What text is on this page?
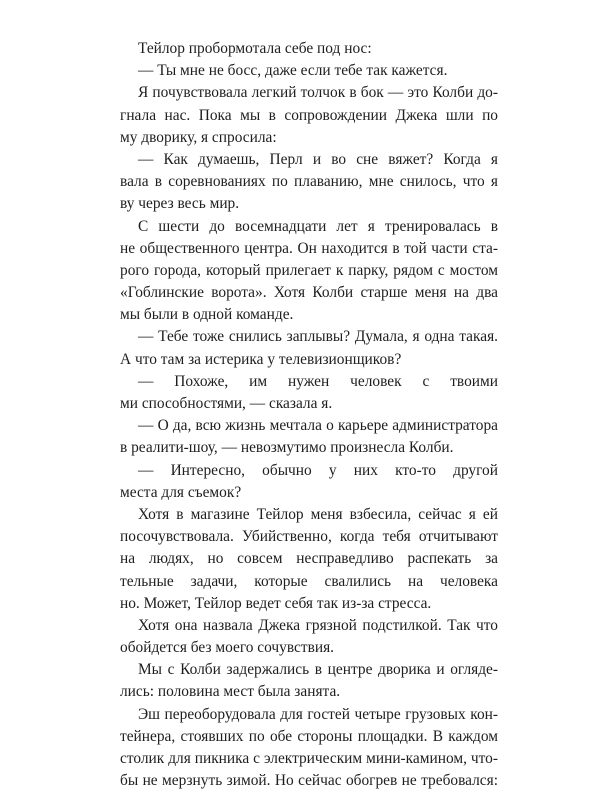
Тейлор пробормотала себе под нос:
— Ты мне не босс, даже если тебе так кажется.
Я почувствовала легкий толчок в бок — это Колби до-
гнала нас. Пока мы в сопровождении Джека шли по
му дворику, я спросила:
— Как думаешь, Перл и во сне вяжет? Когда я
вала в соревнованиях по плаванию, мне снилось, что я
ву через весь мир.
С шести до восемнадцати лет я тренировалась в
не общественного центра. Он находится в той части ста-
рого города, который прилегает к парку, рядом с мостом
«Гоблинские ворота». Хотя Колби старше меня на два
мы были в одной команде.
— Тебе тоже снились заплывы? Думала, я одна такая.
А что там за истерика у телевизионщиков?
— Похоже, им нужен человек с твоими
ми способностями, — сказала я.
— О да, всю жизнь мечтала о карьере администратора
в реалити-шоу, — невозмутимо произнесла Колби.
— Интересно, обычно у них кто-то другой
места для съемок?
Хотя в магазине Тейлор меня взбесила, сейчас я ей
посочувствовала. Убийственно, когда тебя отчитывают
на людях, но совсем несправедливо распекать за
тельные задачи, которые свалились на человека
но. Может, Тейлор ведет себя так из-за стресса.
Хотя она назвала Джека грязной подстилкой. Так что
обойдется без моего сочувствия.
Мы с Колби задержались в центре дворика и огляде-
лись: половина мест была занята.
Эш переоборудовала для гостей четыре грузовых кон-
тейнера, стоявших по обе стороны площадки. В каждом
столик для пикника с электрическим мини-камином, что-
бы не мерзнуть зимой. Но сейчас обогрев не требовался:
